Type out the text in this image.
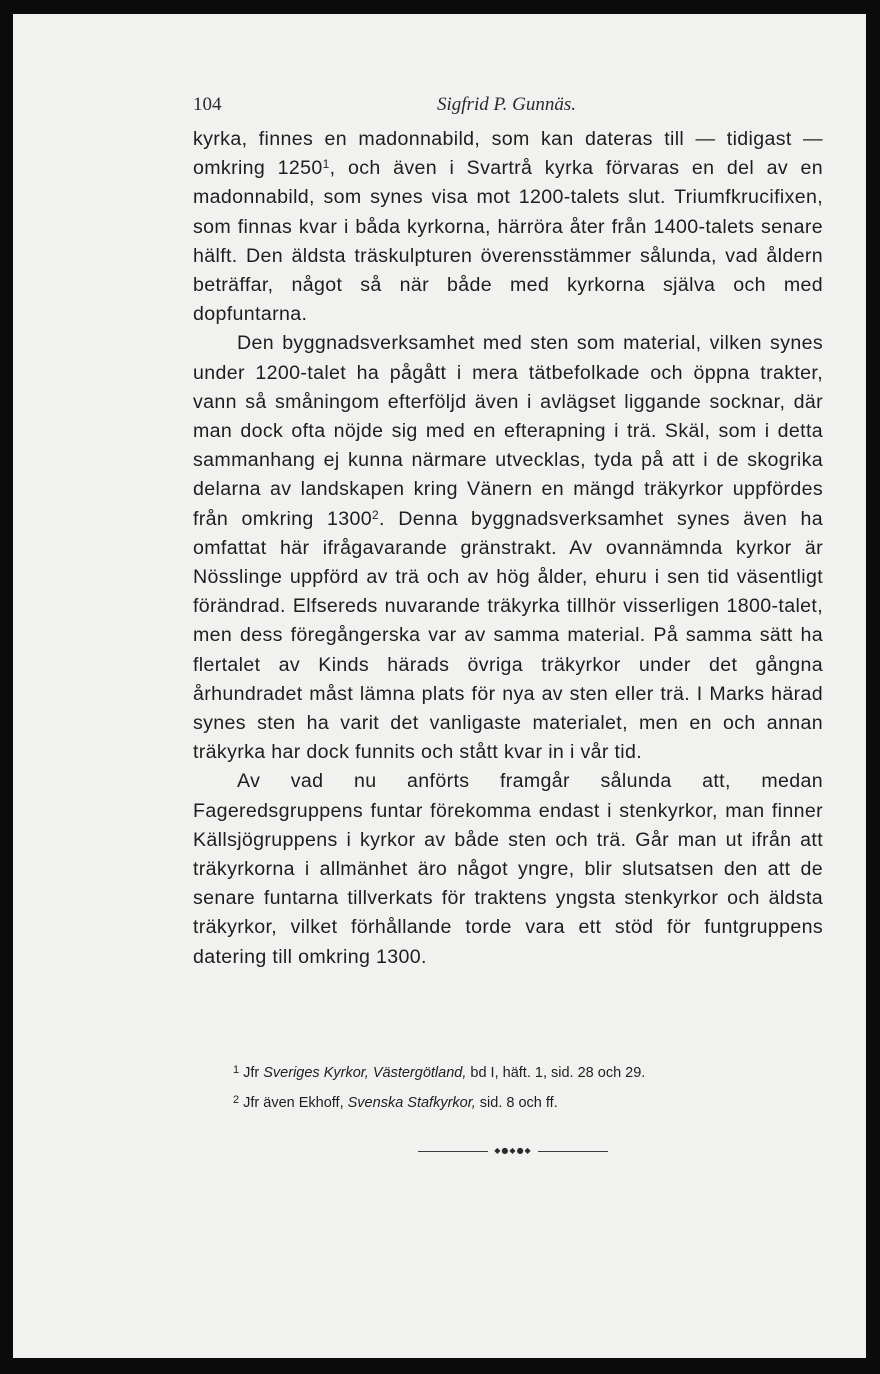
104	Sigfrid P. Gunnäs.

kyrka, finnes en madonnabild, som kan dateras till — tidigast — omkring 1250$^1$, och även i Svartrå kyrka förvaras en del av en madonnabild, som synes visa mot 1200-talets slut. Triumfkrucifixen, som finnas kvar i båda kyrkorna, härröra åter från 1400-talets senare hälft. Den äldsta träskulpturen överensstämmer sålunda, vad åldern beträffar, något så när både med kyrkorna själva och med dopfuntarna.

Den byggnadsverksamhet med sten som material, vilken synes under 1200-talet ha pågått i mera tätbefolkade och öppna trakter, vann så småningom efterföljd även i avlägset liggande socknar, där man dock ofta nöjde sig med en efterapning i trä. Skäl, som i detta sammanhang ej kunna närmare utvecklas, tyda på att i de skogrika delarna av landskapen kring Vänern en mängd träkyrkor uppfördes från omkring 1300$^2$. Denna byggnadsverksamhet synes även ha omfattat här ifrågavarande gränstrakt. Av ovannämnda kyrkor är Nösslinge uppförd av trä och av hög ålder, ehuru i sen tid väsentligt förändrad. Elfsereds nuvarande träkyrka tillhör visserligen 1800-talet, men dess föregångerska var av samma material. På samma sätt ha flertalet av Kinds härads övriga träkyrkor under det gångna århundradet måst lämna plats för nya av sten eller trä. I Marks härad synes sten ha varit det vanligaste materialet, men en och annan träkyrka har dock funnits och stått kvar in i vår tid.

Av vad nu anförts framgår sålunda att, medan Fageredsgruppens funtar förekomma endast i stenkyrkor, man finner Källsjögruppens i kyrkor av både sten och trä. Går man ut ifrån att träkyrkorna i allmänhet äro något yngre, blir slutsatsen den att de senare funtarna tillverkats för traktens yngsta stenkyrkor och äldsta träkyrkor, vilket förhållande torde vara ett stöd för funtgruppens datering till omkring 1300.

$^1$ Jfr Sveriges Kyrkor, Västergötland, bd I, häft. 1, sid. 28 och 29.

$^2$ Jfr även Ekhoff, Svenska Stafkyrkor, sid. 8 och ff.

◆●◆●◆
